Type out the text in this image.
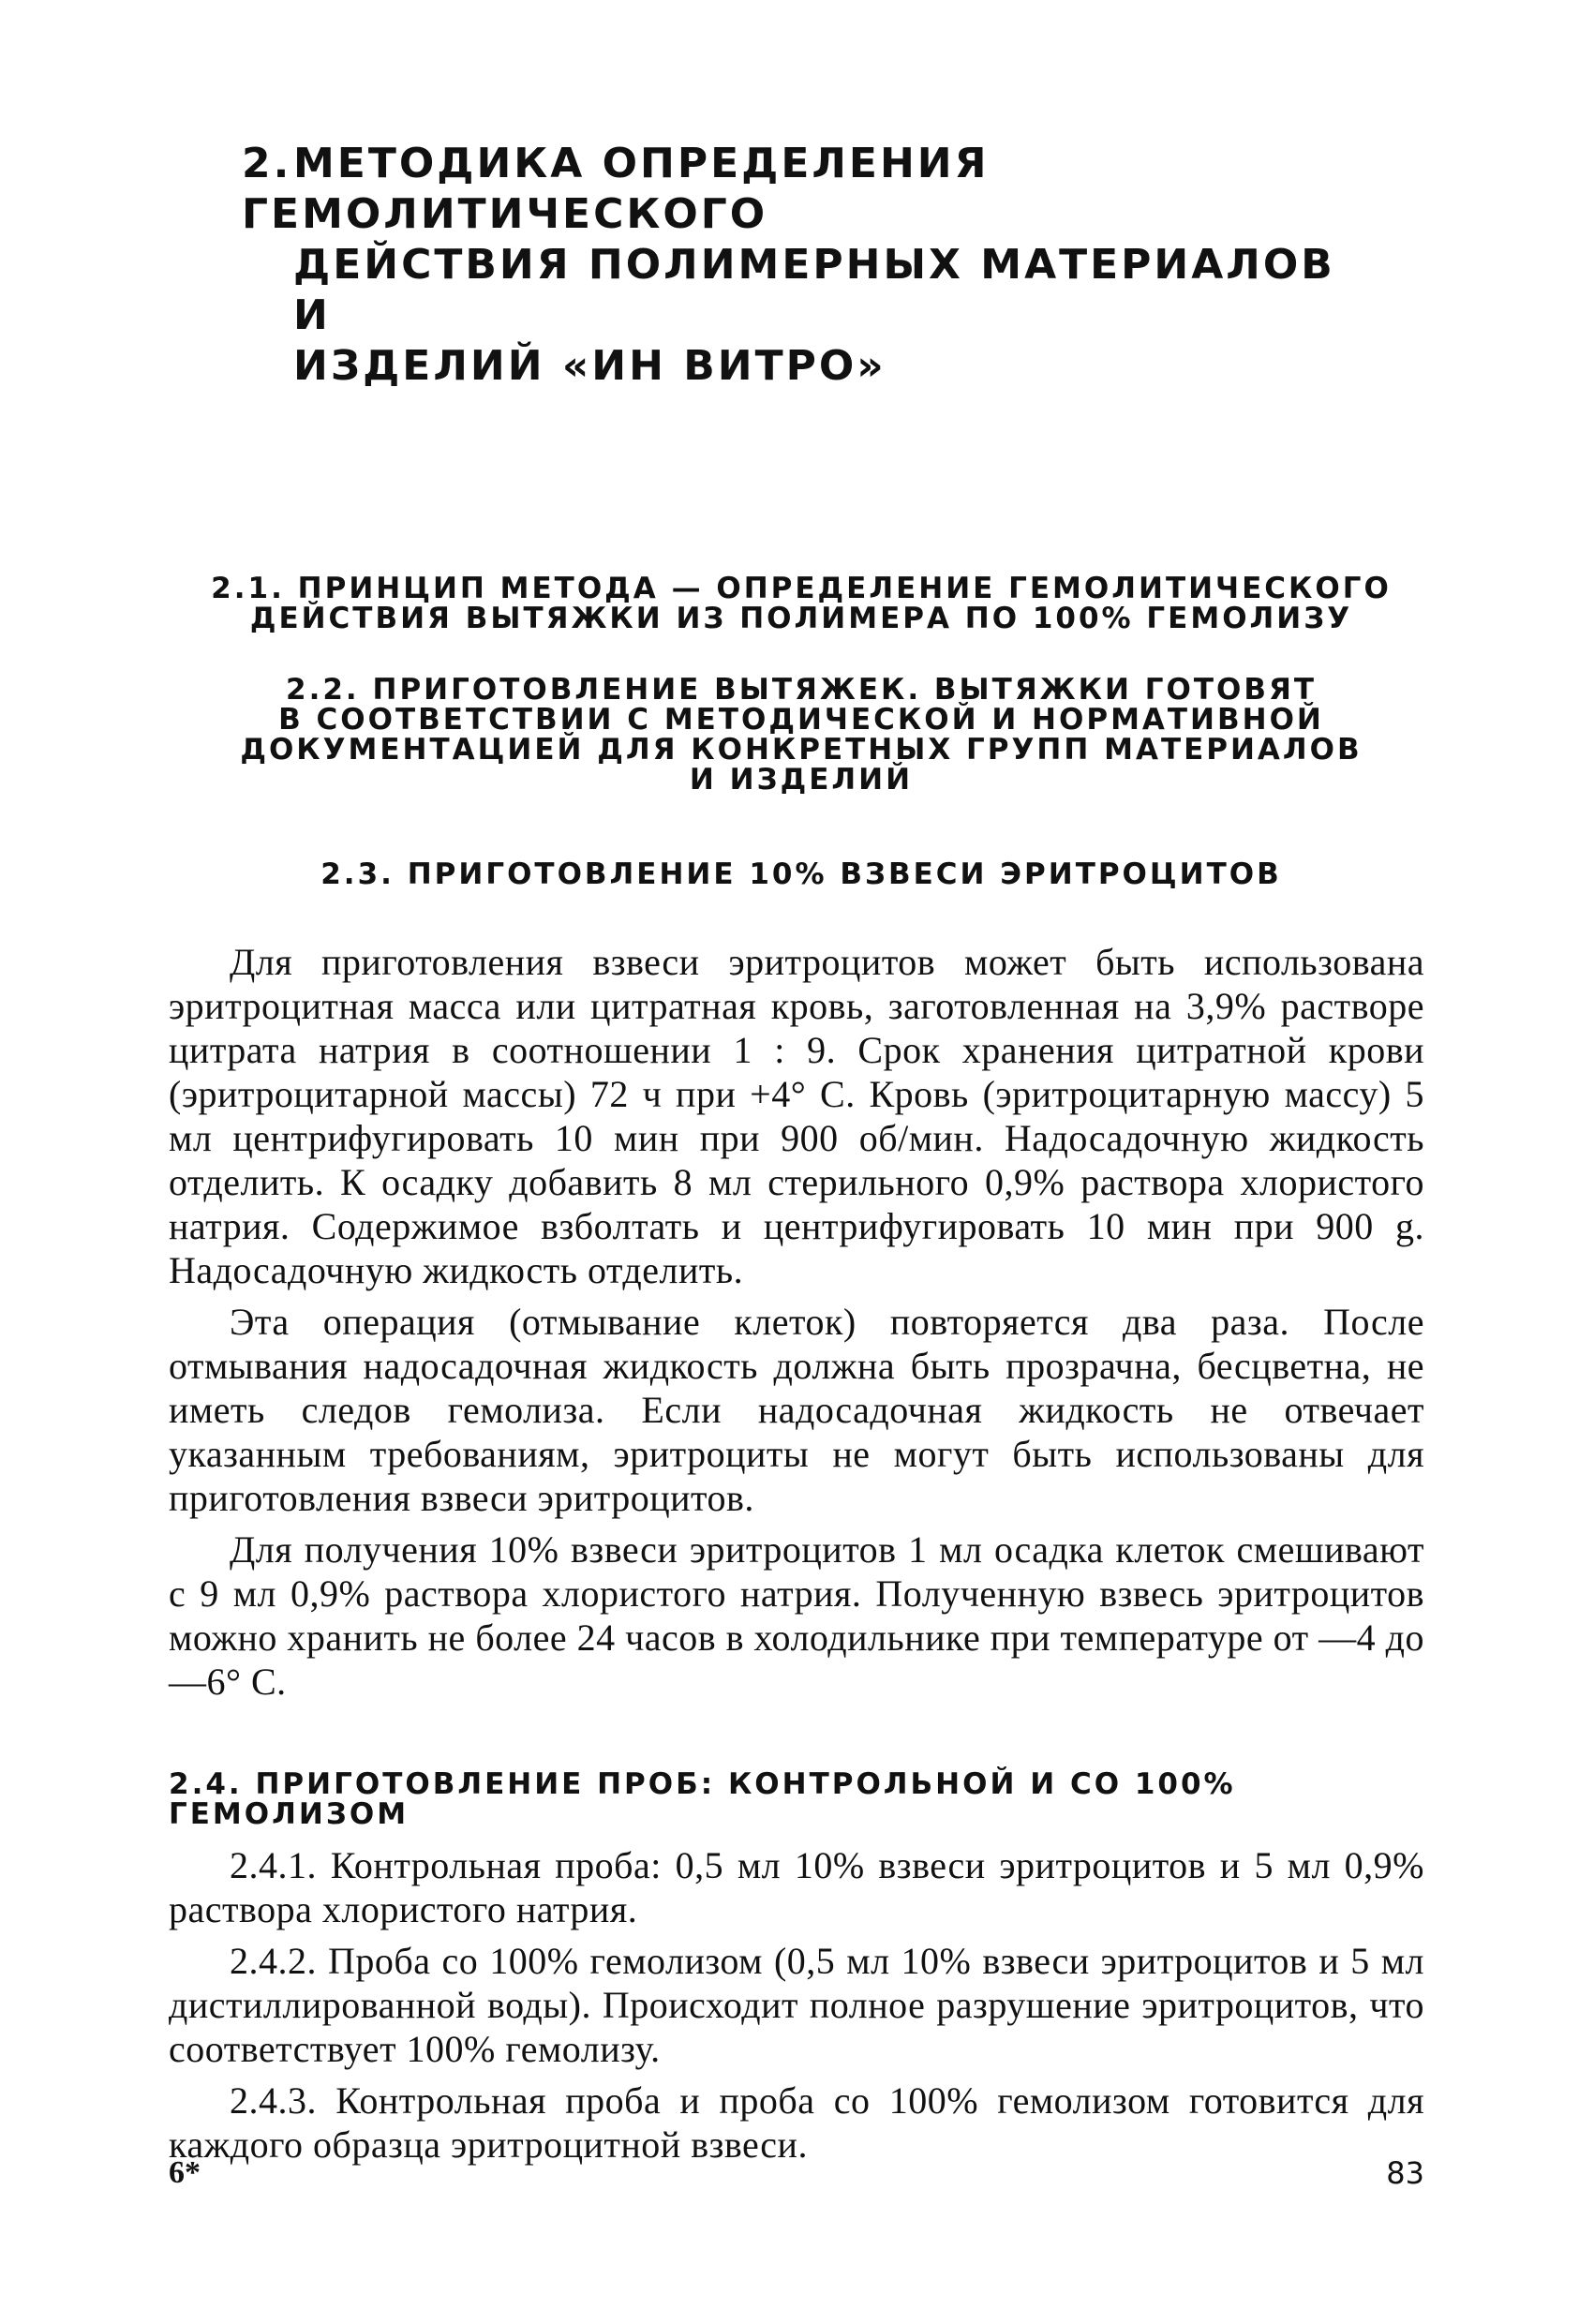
2.МЕТОДИКА ОПРЕДЕЛЕНИЯ ГЕМОЛИТИЧЕСКОГО
ДЕЙСТВИЯ ПОЛИМЕРНЫХ МАТЕРИАЛОВ И
ИЗДЕЛИЙ «ИН ВИТРО»
2.1. ПРИНЦИП МЕТОДА — ОПРЕДЕЛЕНИЕ ГЕМОЛИТИЧЕСКОГО
ДЕЙСТВИЯ ВЫТЯЖКИ ИЗ ПОЛИМЕРА ПО 100% ГЕМОЛИЗУ
2.2. ПРИГОТОВЛЕНИЕ ВЫТЯЖЕК. ВЫТЯЖКИ ГОТОВЯТ
В СООТВЕТСТВИИ С МЕТОДИЧЕСКОЙ И НОРМАТИВНОЙ
ДОКУМЕНТАЦИЕЙ ДЛЯ КОНКРЕТНЫХ ГРУПП МАТЕРИАЛОВ
И ИЗДЕЛИЙ
2.3. ПРИГОТОВЛЕНИЕ 10% ВЗВЕСИ ЭРИТРОЦИТОВ

Для приготовления взвеси эритроцитов может быть использована эритроцитная масса или цитратная кровь, заготовленная на 3,9% растворе цитрата натрия в соотношении 1 : 9. Срок хранения цитратной крови (эритроцитарной массы) 72 ч при +4° С. Кровь (эритроцитарную массу) 5 мл центрифугировать 10 мин при 900 об/мин. Надосадочную жидкость отделить. К осадку добавить 8 мл стерильного 0,9% раствора хлористого натрия. Содержимое взболтать и центрифугировать 10 мин при 900 g. Надосадочную жидкость отделить.

Эта операция (отмывание клеток) повторяется два раза. После отмывания надосадочная жидкость должна быть прозрачна, бесцветна, не иметь следов гемолиза. Если надосадочная жидкость не отвечает указанным требованиям, эритроциты не могут быть использованы для приготовления взвеси эритроцитов.

Для получения 10% взвеси эритроцитов 1 мл осадка клеток смешивают с 9 мл 0,9% раствора хлористого натрия. Полученную взвесь эритроцитов можно хранить не более 24 часов в холодильнике при температуре от —4 до —6° С.

2.4. ПРИГОТОВЛЕНИЕ ПРОБ: КОНТРОЛЬНОЙ И СО 100% ГЕМОЛИЗОМ

2.4.1. Контрольная проба: 0,5 мл 10% взвеси эритроцитов и 5 мл 0,9% раствора хлористого натрия.

2.4.2. Проба со 100% гемолизом (0,5 мл 10% взвеси эритроцитов и 5 мл дистиллированной воды). Происходит полное разрушение эритроцитов, что соответствует 100% гемолизу.

2.4.3. Контрольная проба и проба со 100% гемолизом готовится для каждого образца эритроцитной взвеси.

6*	83
